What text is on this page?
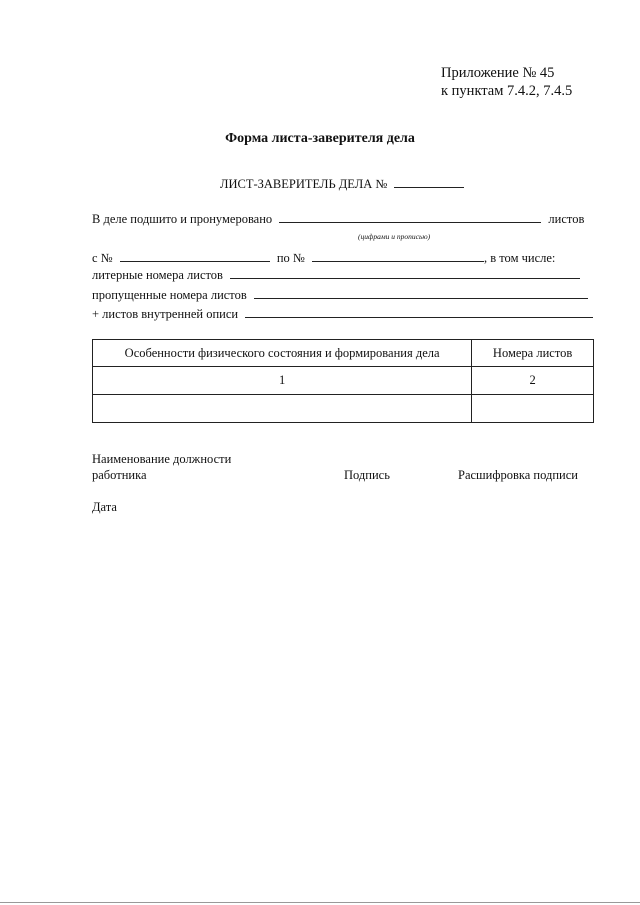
Приложение № 45
к пунктам 7.4.2, 7.4.5
Форма листа-заверителя дела
ЛИСТ-ЗАВЕРИТЕЛЬ ДЕЛА №
В деле подшито и пронумеровано	листов
(цифрами и прописью)
с №	по №	, в том числе:
литерные номера листов
пропущенные номера листов
+ листов внутренней описи
Особенности физического состояния и формирования дела	Номера листов
1	2

Наименование должности
работника	Подпись	Расшифровка подписи
Дата
